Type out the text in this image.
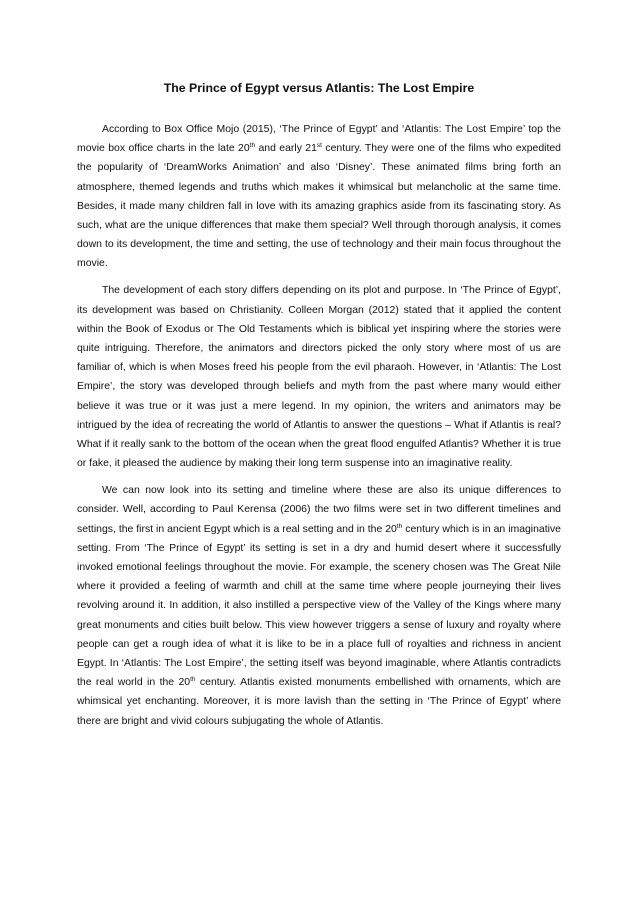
The Prince of Egypt versus Atlantis: The Lost Empire

According to Box Office Mojo (2015), ‘The Prince of Egypt’ and ‘Atlantis: The Lost Empire’ top the movie box office charts in the late 20th and early 21st century. They were one of the films who expedited the popularity of ‘DreamWorks Animation’ and also ‘Disney’. These animated films bring forth an atmosphere, themed legends and truths which makes it whimsical but melancholic at the same time. Besides, it made many children fall in love with its amazing graphics aside from its fascinating story. As such, what are the unique differences that make them special? Well through thorough analysis, it comes down to its development, the time and setting, the use of technology and their main focus throughout the movie.

The development of each story differs depending on its plot and purpose. In ‘The Prince of Egypt’, its development was based on Christianity. Colleen Morgan (2012) stated that it applied the content within the Book of Exodus or The Old Testaments which is biblical yet inspiring where the stories were quite intriguing. Therefore, the animators and directors picked the only story where most of us are familiar of, which is when Moses freed his people from the evil pharaoh. However, in ‘Atlantis: The Lost Empire’, the story was developed through beliefs and myth from the past where many would either believe it was true or it was just a mere legend. In my opinion, the writers and animators may be intrigued by the idea of recreating the world of Atlantis to answer the questions – What if Atlantis is real? What if it really sank to the bottom of the ocean when the great flood engulfed Atlantis? Whether it is true or fake, it pleased the audience by making their long term suspense into an imaginative reality.

We can now look into its setting and timeline where these are also its unique differences to consider. Well, according to Paul Kerensa (2006) the two films were set in two different timelines and settings, the first in ancient Egypt which is a real setting and in the 20th century which is in an imaginative setting. From ‘The Prince of Egypt’ its setting is set in a dry and humid desert where it successfully invoked emotional feelings throughout the movie. For example, the scenery chosen was The Great Nile where it provided a feeling of warmth and chill at the same time where people journeying their lives revolving around it. In addition, it also instilled a perspective view of the Valley of the Kings where many great monuments and cities built below. This view however triggers a sense of luxury and royalty where people can get a rough idea of what it is like to be in a place full of royalties and richness in ancient Egypt. In ‘Atlantis: The Lost Empire’, the setting itself was beyond imaginable, where Atlantis contradicts the real world in the 20th century. Atlantis existed monuments embellished with ornaments, which are whimsical yet enchanting. Moreover, it is more lavish than the setting in ‘The Prince of Egypt’ where there are bright and vivid colours subjugating the whole of Atlantis.
